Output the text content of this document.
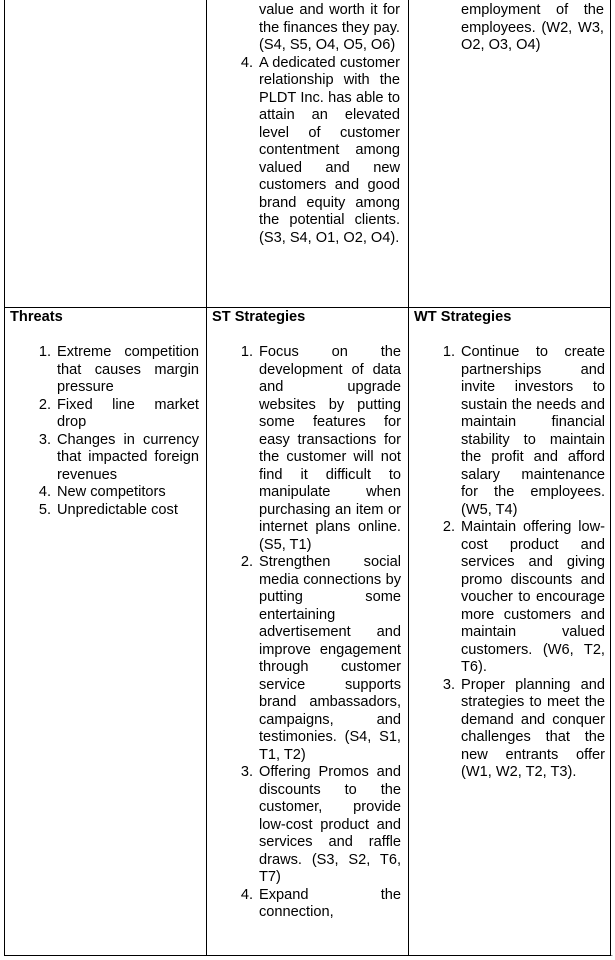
value and worth it for the finances they pay. (S4, S5, O4, O5, O6)
4. A dedicated customer relationship with the PLDT Inc. has able to attain an elevated level of customer contentment among valued and new customers and good brand equity among the potential clients. (S3, S4, O1, O2, O4).
employment of the employees. (W2, W3, O2, O3, O4)
Threats	ST Strategies	WT Strategies
1. Extreme competition that causes margin pressure
2. Fixed line market drop
3. Changes in currency that impacted foreign revenues
4. New competitors
5. Unpredictable cost
1. Focus on the development of data and upgrade websites by putting some features for easy transactions for the customer will not find it difficult to manipulate when purchasing an item or internet plans online. (S5, T1)
2. Strengthen social media connections by putting some entertaining advertisement and improve engagement through customer service supports brand ambassadors, campaigns, and testimonies. (S4, S1, T1, T2)
3. Offering Promos and discounts to the customer, provide low-cost product and services and raffle draws. (S3, S2, T6, T7)
4. Expand the connection,
1. Continue to create partnerships and invite investors to sustain the needs and maintain financial stability to maintain the profit and afford salary maintenance for the employees. (W5, T4)
2. Maintain offering low-cost product and services and giving promo discounts and voucher to encourage more customers and maintain valued customers. (W6, T2, T6).
3. Proper planning and strategies to meet the demand and conquer challenges that the new entrants offer (W1, W2, T2, T3).
.
